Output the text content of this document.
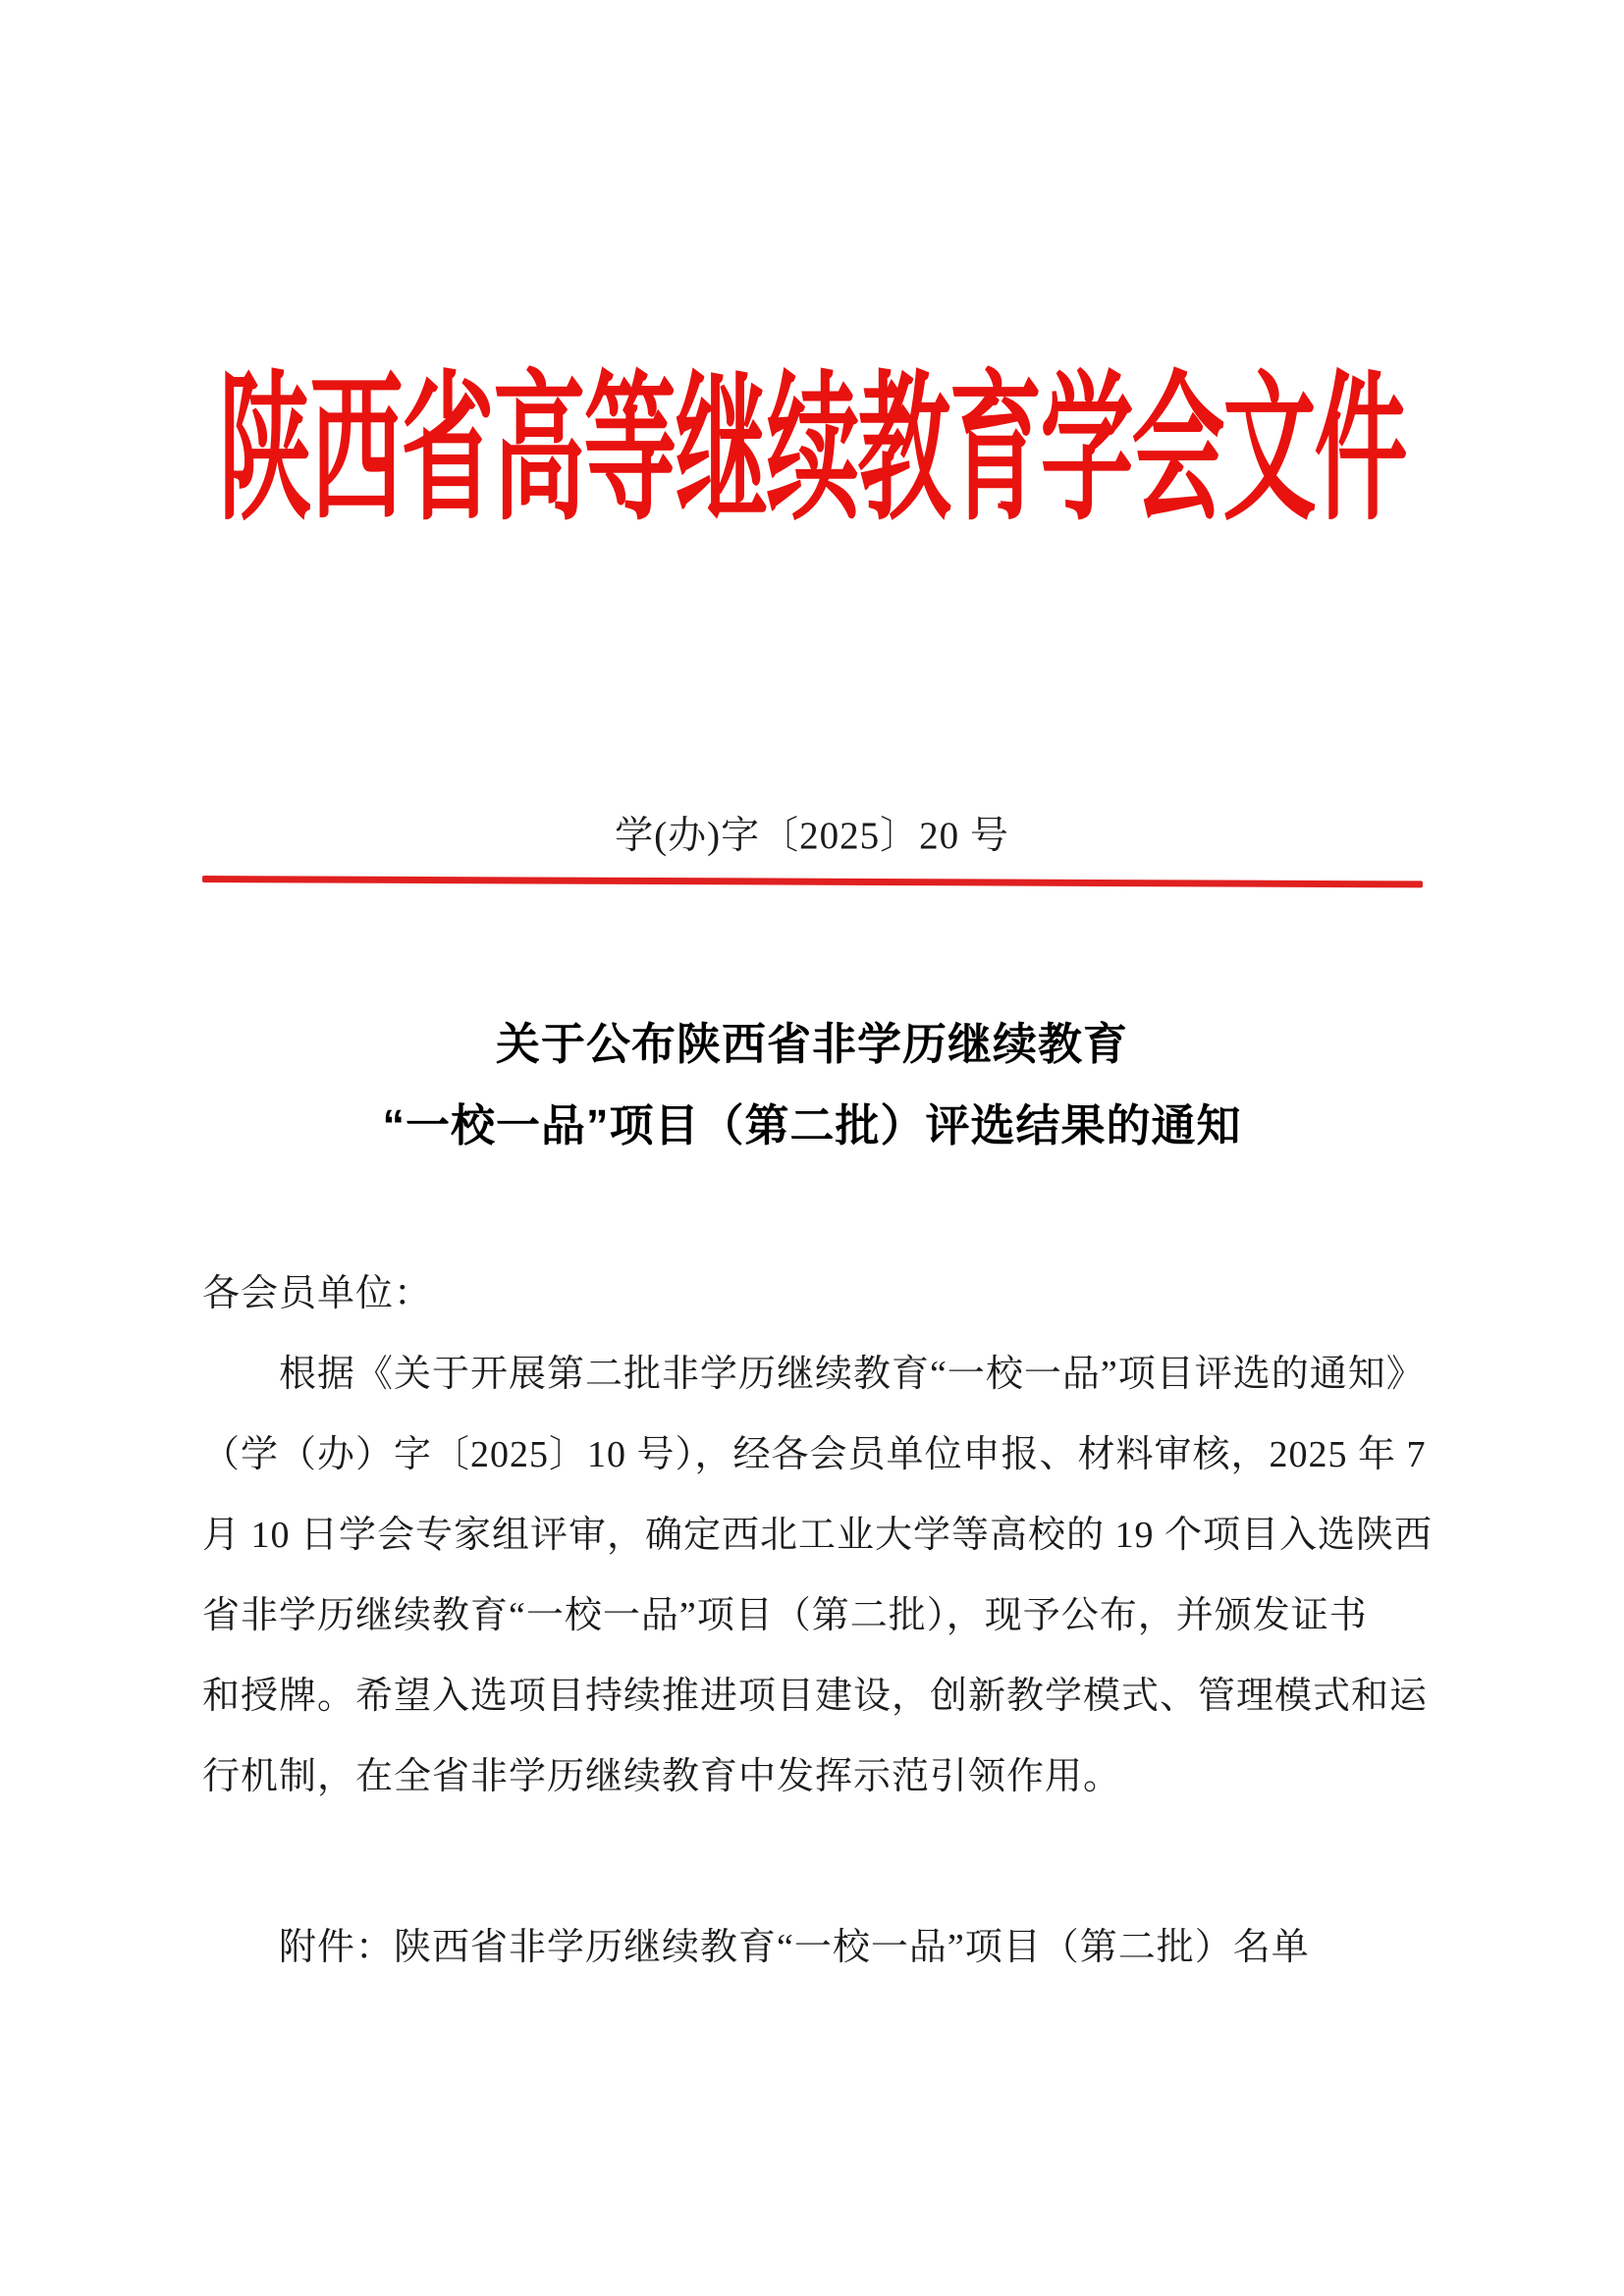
陕西省高等继续教育学会文件
学(办)字〔2025〕20 号
关于公布陕西省非学历继续教育
“一校一品”项目（第二批）评选结果的通知
各会员单位：
根据《关于开展第二批非学历继续教育“一校一品”项目评选的通知》
（学（办）字〔2025〕10 号），经各会员单位申报、材料审核，2025 年 7
月 10 日学会专家组评审，确定西北工业大学等高校的 19 个项目入选陕西
省非学历继续教育“一校一品”项目（第二批），现予公布，并颁发证书
和授牌。希望入选项目持续推进项目建设，创新教学模式、管理模式和运
行机制，在全省非学历继续教育中发挥示范引领作用。
附件：陕西省非学历继续教育“一校一品”项目（第二批）名单
